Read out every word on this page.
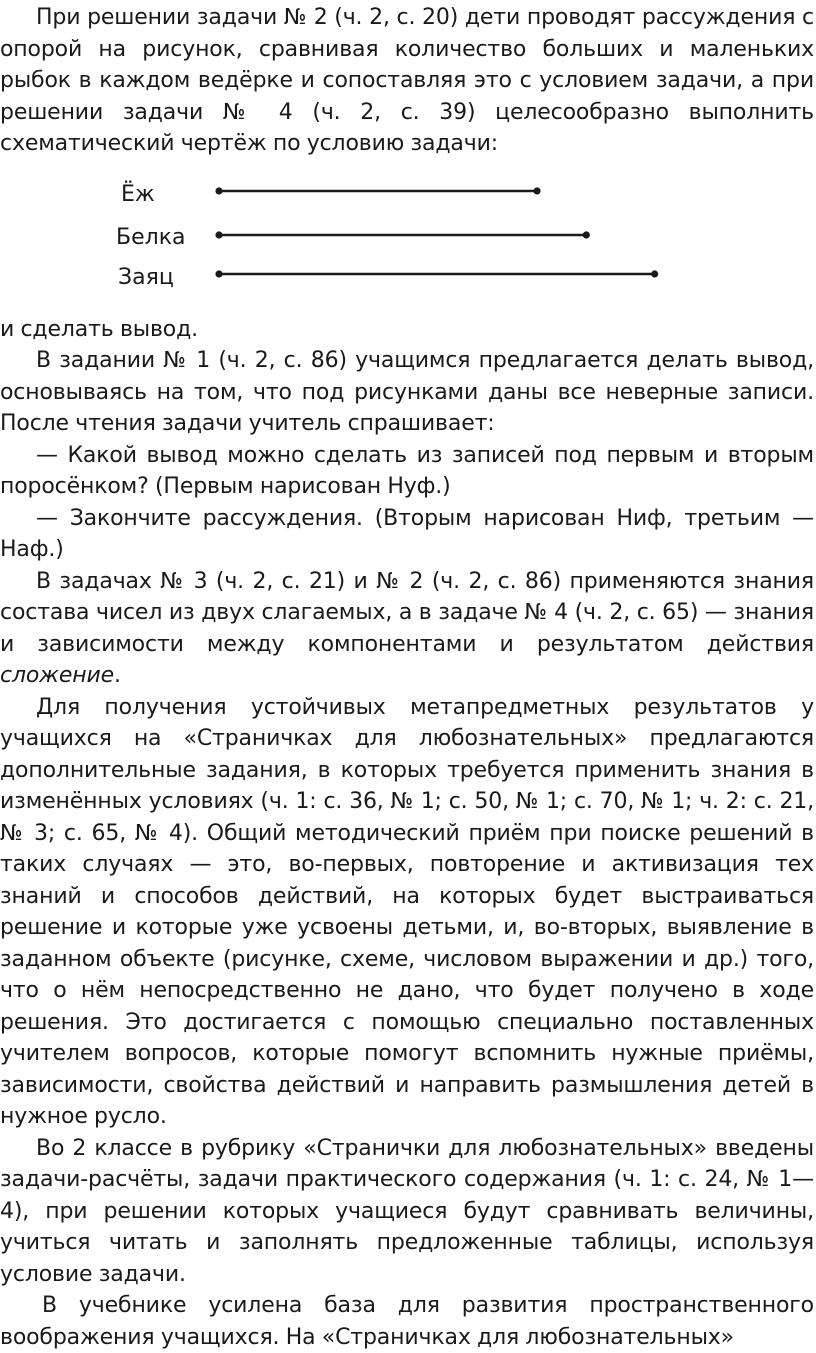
При решении задачи № 2 (ч. 2, с. 20) дети проводят рассуждения с опорой на рисунок, сравнивая количество больших и маленьких рыбок в каждом ведёрке и сопоставляя это с условием задачи, а при решении задачи № 4 (ч. 2, с. 39) целесообразно выполнить схематический чертёж по условию задачи:

Ёж
Белка
Заяц

и сделать вывод.

В задании № 1 (ч. 2, с. 86) учащимся предлагается делать вывод, основываясь на том, что под рисунками даны все неверные записи. После чтения задачи учитель спрашивает:

— Какой вывод можно сделать из записей под первым и вторым поросёнком? (Первым нарисован Нуф.)

— Закончите рассуждения. (Вторым нарисован Ниф, третьим — Наф.)

В задачах № 3 (ч. 2, с. 21) и № 2 (ч. 2, с. 86) применяются знания состава чисел из двух слагаемых, а в задаче № 4 (ч. 2, с. 65) — знания и зависимости между компонентами и результатом действия сложение.

Для получения устойчивых метапредметных результатов у учащихся на «Страничках для любознательных» предлагаются дополнительные задания, в которых требуется применить знания в изменённых условиях (ч. 1: с. 36, № 1; с. 50, № 1; с. 70, № 1; ч. 2: с. 21, № 3; с. 65, № 4). Общий методический приём при поиске решений в таких случаях — это, во-первых, повторение и активизация тех знаний и способов действий, на которых будет выстраиваться решение и которые уже усвоены детьми, и, во-вторых, выявление в заданном объекте (рисунке, схеме, числовом выражении и др.) того, что о нём непосредственно не дано, что будет получено в ходе решения. Это достигается с помощью специально поставленных учителем вопросов, которые помогут вспомнить нужные приёмы, зависимости, свойства действий и направить размышления детей в нужное русло.

Во 2 классе в рубрику «Странички для любознательных» введены задачи-расчёты, задачи практического содержания (ч. 1: с. 24, № 1—4), при решении которых учащиеся будут сравнивать величины, учиться читать и заполнять предложенные таблицы, используя условие задачи.

В учебнике усилена база для развития пространственного воображения учащихся. На «Страничках для любознательных»
